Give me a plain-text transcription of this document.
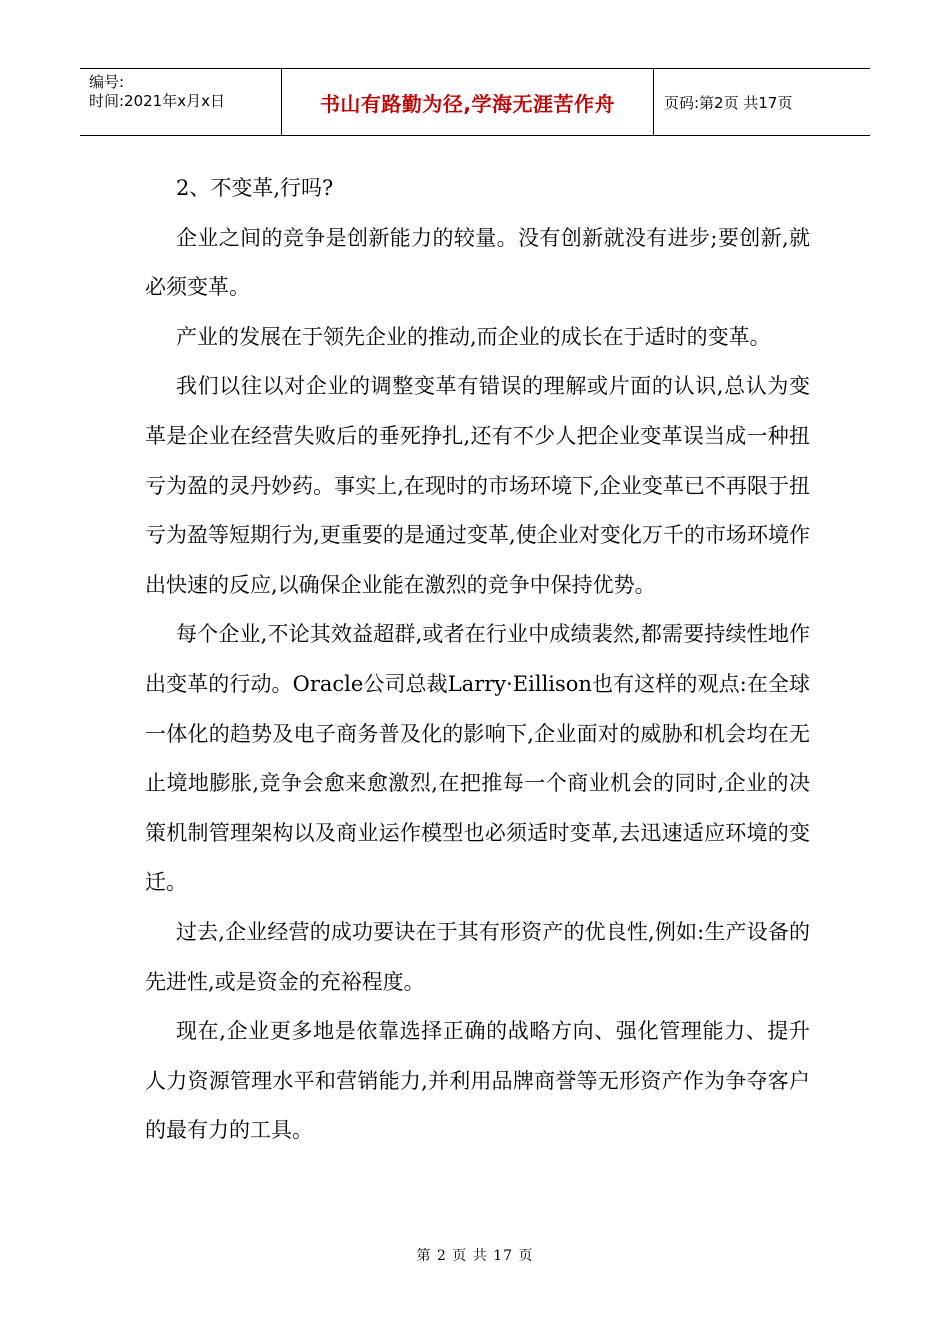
编号:
时间:2021年x月x日	书山有路勤为径,学海无涯苦作舟	页码:第2页 共17页

2、不变革,行吗?

企业之间的竞争是创新能力的较量。没有创新就没有进步;要创新,就必须变革。

产业的发展在于领先企业的推动,而企业的成长在于适时的变革。

我们以往以对企业的调整变革有错误的理解或片面的认识,总认为变革是企业在经营失败后的垂死挣扎,还有不少人把企业变革误当成一种扭亏为盈的灵丹妙药。事实上,在现时的市场环境下,企业变革已不再限于扭亏为盈等短期行为,更重要的是通过变革,使企业对变化万千的市场环境作出快速的反应,以确保企业能在激烈的竞争中保持优势。

每个企业,不论其效益超群,或者在行业中成绩裴然,都需要持续性地作出变革的行动。Oracle公司总裁Larry·Eillison也有这样的观点:在全球一体化的趋势及电子商务普及化的影响下,企业面对的威胁和机会均在无止境地膨胀,竞争会愈来愈激烈,在把推每一个商业机会的同时,企业的决策机制管理架构以及商业运作模型也必须适时变革,去迅速适应环境的变迁。

过去,企业经营的成功要诀在于其有形资产的优良性,例如:生产设备的先进性,或是资金的充裕程度。

现在,企业更多地是依靠选择正确的战略方向、强化管理能力、提升人力资源管理水平和营销能力,并利用品牌商誉等无形资产作为争夺客户的最有力的工具。

第 2 页 共 17 页
